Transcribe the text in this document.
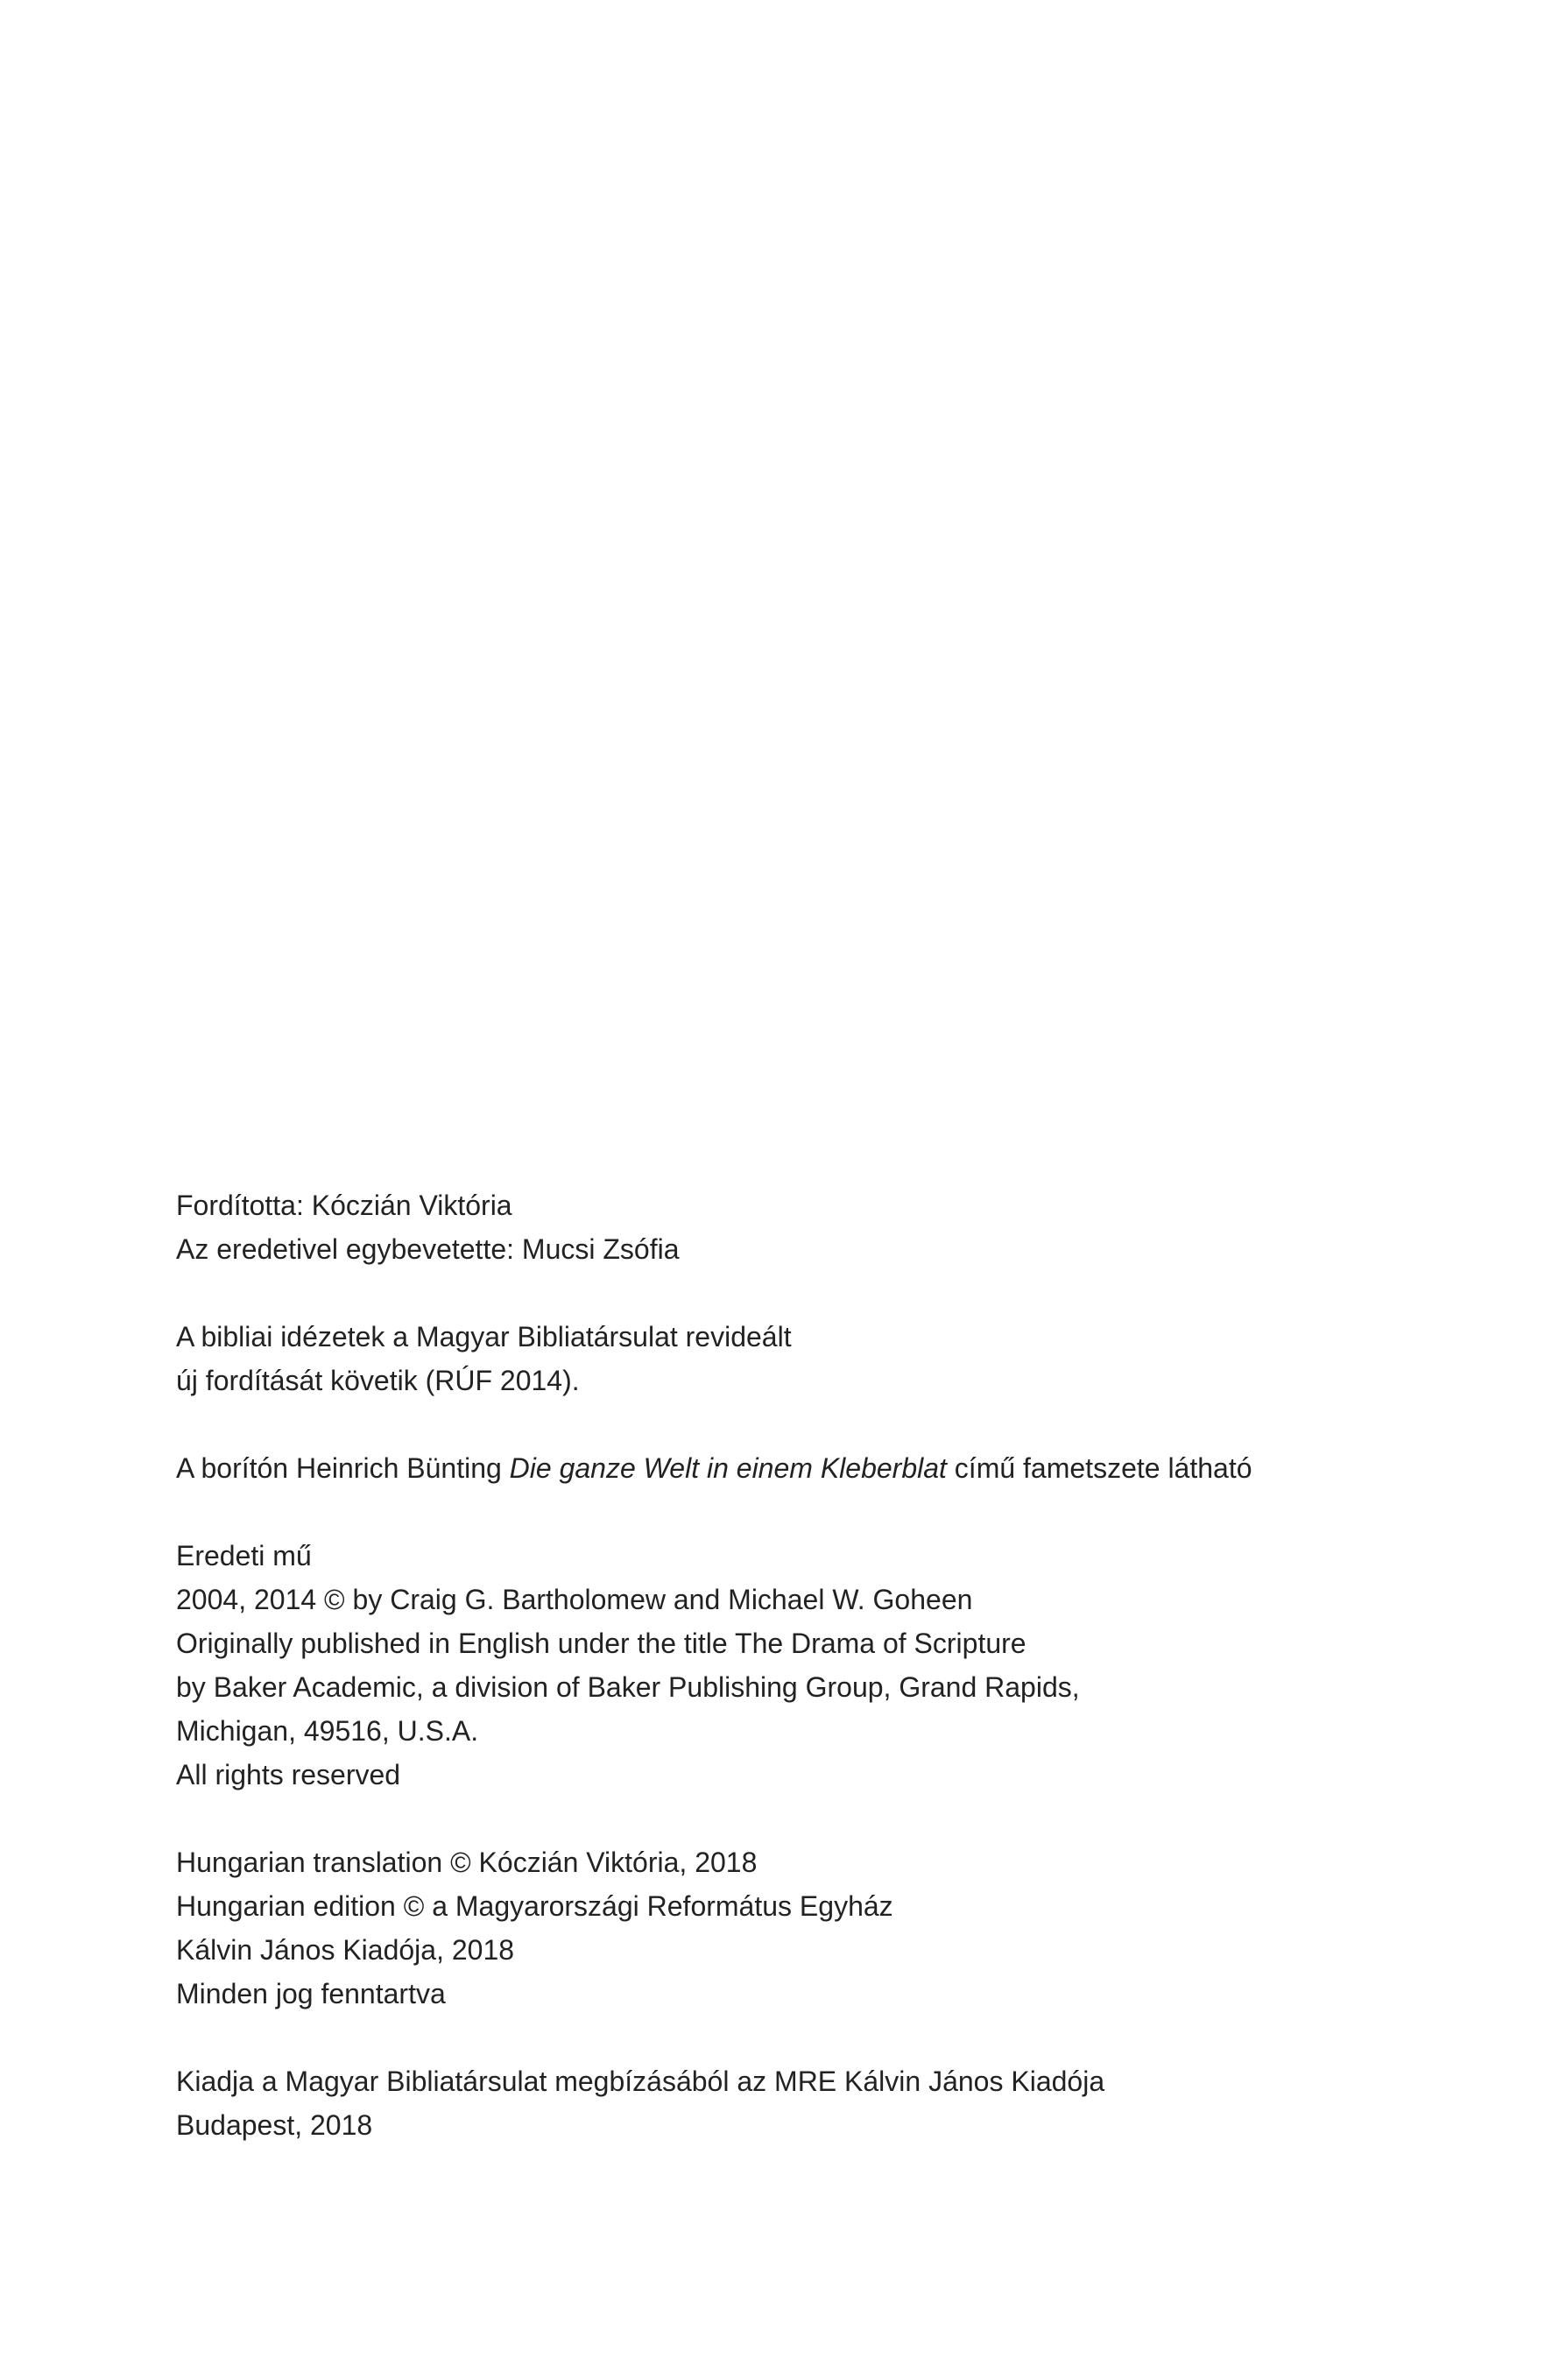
Fordította: Kóczián Viktória
Az eredetivel egybevetette: Mucsi Zsófia

A bibliai idézetek a Magyar Bibliatársulat revideált
új fordítását követik (RÚF 2014).

A borítón Heinrich Bünting Die ganze Welt in einem Kleberblat című fametszete látható

Eredeti mű
2004, 2014 © by Craig G. Bartholomew and Michael W. Goheen
Originally published in English under the title The Drama of Scripture
by Baker Academic, a division of Baker Publishing Group, Grand Rapids,
Michigan, 49516, U.S.A.
All rights reserved

Hungarian translation © Kóczián Viktória, 2018
Hungarian edition © a Magyarországi Református Egyház
Kálvin János Kiadója, 2018
Minden jog fenntartva

Kiadja a Magyar Bibliatársulat megbízásából az MRE Kálvin János Kiadója
Budapest, 2018
